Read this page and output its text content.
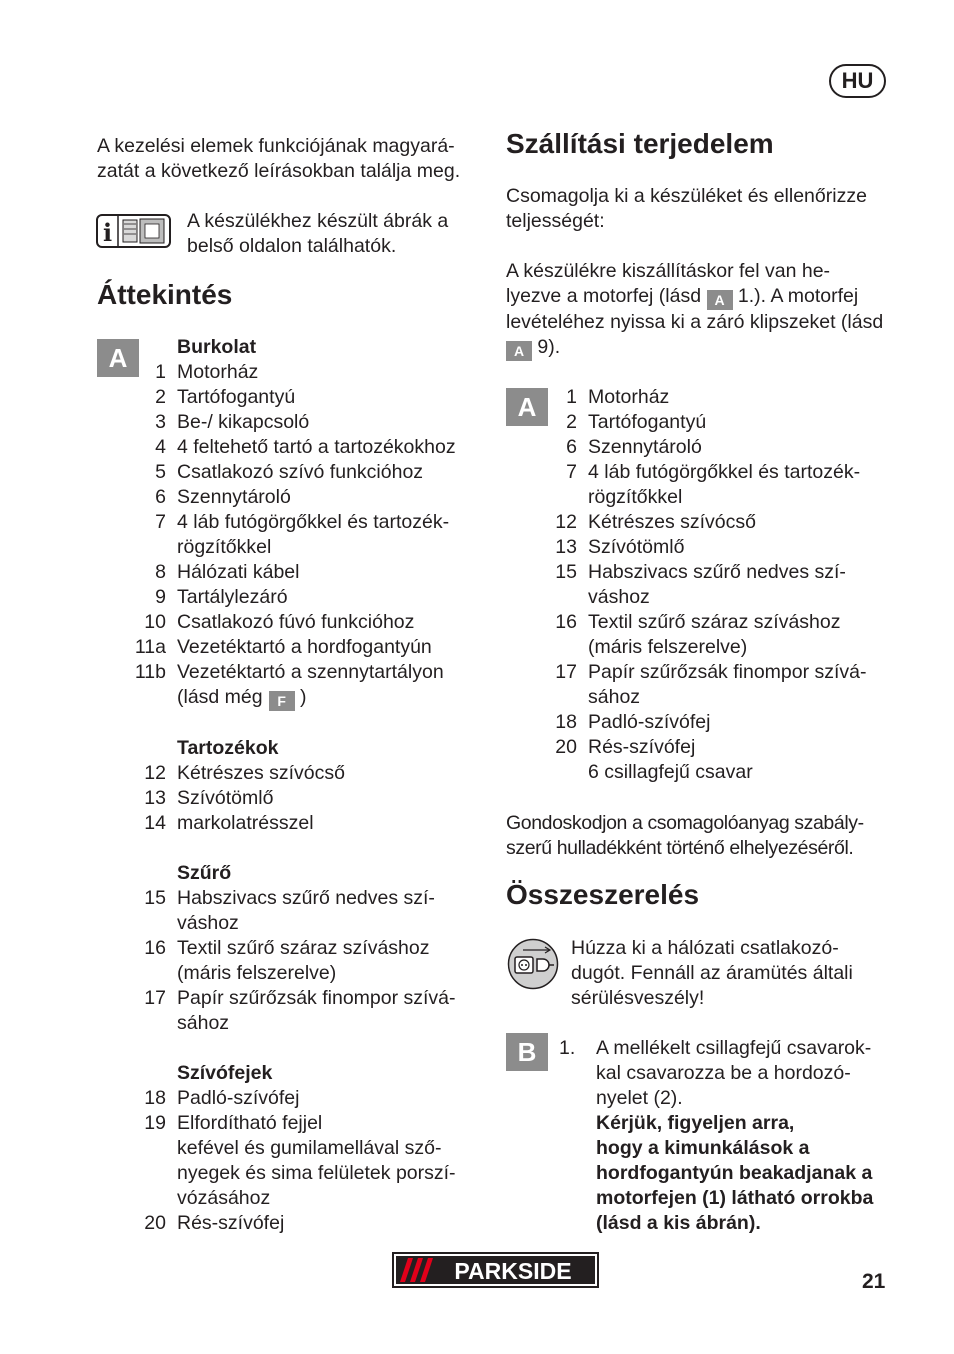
HU
A kezelési elemek funkciójának magyará-
zatát a következő leírásokban találja meg.
i	A készülékhez készült ábrák a
belső oldalon találhatók.
Áttekintés
A	Burkolat
1 Motorház
2 Tartófogantyú
3 Be-/ kikapcsoló
4 4 feltehető tartó a tartozékokhoz
5 Csatlakozó szívó funkcióhoz
6 Szennytároló
7 4 láb futógörgőkkel és tartozék-
rögzítőkkel
8 Hálózati kábel
9 Tartálylezáró
10 Csatlakozó fúvó funkcióhoz
11a Vezetéktartó a hordfogantyún
11b Vezetéktartó a szennytartályon
(lásd még F )
Tartozékok
12 Kétrészes szívócső
13 Szívótömlő
14 markolatrésszel
Szűrő
15 Habszivacs szűrő nedves szí-
váshoz
16 Textil szűrő száraz szíváshoz
(máris felszerelve)
17 Papír szűrőzsák finompor szívá-
sához
Szívófejek
18 Padló-szívófej
19 Elfordítható fejjel
kefével és gumilamellával sző-
nyegek és sima felületek porszí-
vózásához
20 Rés-szívófej
Szállítási terjedelem
Csomagolja ki a készüléket és ellenőrizze
teljességét:
A készülékre kiszállításkor fel van he-
lyezve a motorfej (lásd A 1.). A motorfej
levételéhez nyissa ki a záró klipszeket (lásd
A 9).
A	1 Motorház
2 Tartófogantyú
6 Szennytároló
7 4 láb futógörgőkkel és tartozék-
rögzítőkkel
12 Kétrészes szívócső
13 Szívótömlő
15 Habszivacs szűrő nedves szí-
váshoz
16 Textil szűrő száraz szíváshoz
(máris felszerelve)
17 Papír szűrőzsák finompor szívá-
sához
18 Padló-szívófej
20 Rés-szívófej
6 csillagfejű csavar
Gondoskodjon a csomagolóanyag szabály-
szerű hulladékként történő elhelyezéséről.
Összeszerelés
Húzza ki a hálózati csatlakozó-
dugót. Fennáll az áramütés általi
sérülésveszély!
B	1. A mellékelt csillagfejű csavarok-
kal csavarozza be a hordozó-
nyelet (2).
Kérjük, figyeljen arra,
hogy a kimunkálások a
hordfogantyún beakadjanak a
motorfejen (1) látható orrokba
(lásd a kis ábrán).
PARKSIDE	21
